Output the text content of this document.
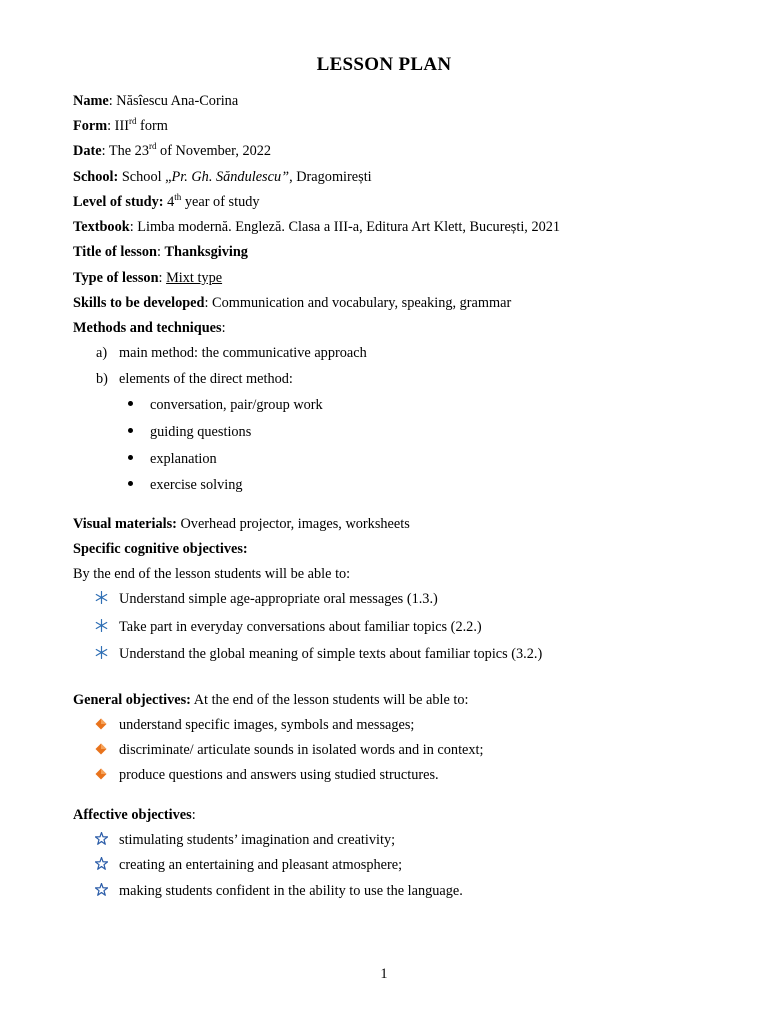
LESSON PLAN
Name: Năsîescu Ana-Corina
Form: IIIrd form
Date: The 23rd of November, 2022
School: School „Pr. Gh. Săndulescu”, Dragomirești
Level of study: 4th year of study
Textbook: Limba modernă. Engleză. Clasa a III-a, Editura Art Klett, București, 2021
Title of lesson: Thanksgiving
Type of lesson: Mixt type
Skills to be developed: Communication and vocabulary, speaking, grammar
Methods and techniques:
a) main method: the communicative approach
b) elements of the direct method:
conversation, pair/group work
guiding questions
explanation
exercise solving
Visual materials: Overhead projector, images, worksheets
Specific cognitive objectives:
By the end of the lesson students will be able to:
Understand simple age-appropriate oral messages (1.3.)
Take part in everyday conversations about familiar topics (2.2.)
Understand the global meaning of simple texts about familiar topics (3.2.)
General objectives: At the end of the lesson students will be able to:
understand specific images, symbols and messages;
discriminate/ articulate sounds in isolated words and in context;
produce questions and answers using studied structures.
Affective objectives:
stimulating students’ imagination and creativity;
creating an entertaining and pleasant atmosphere;
making students confident in the ability to use the language.
1
